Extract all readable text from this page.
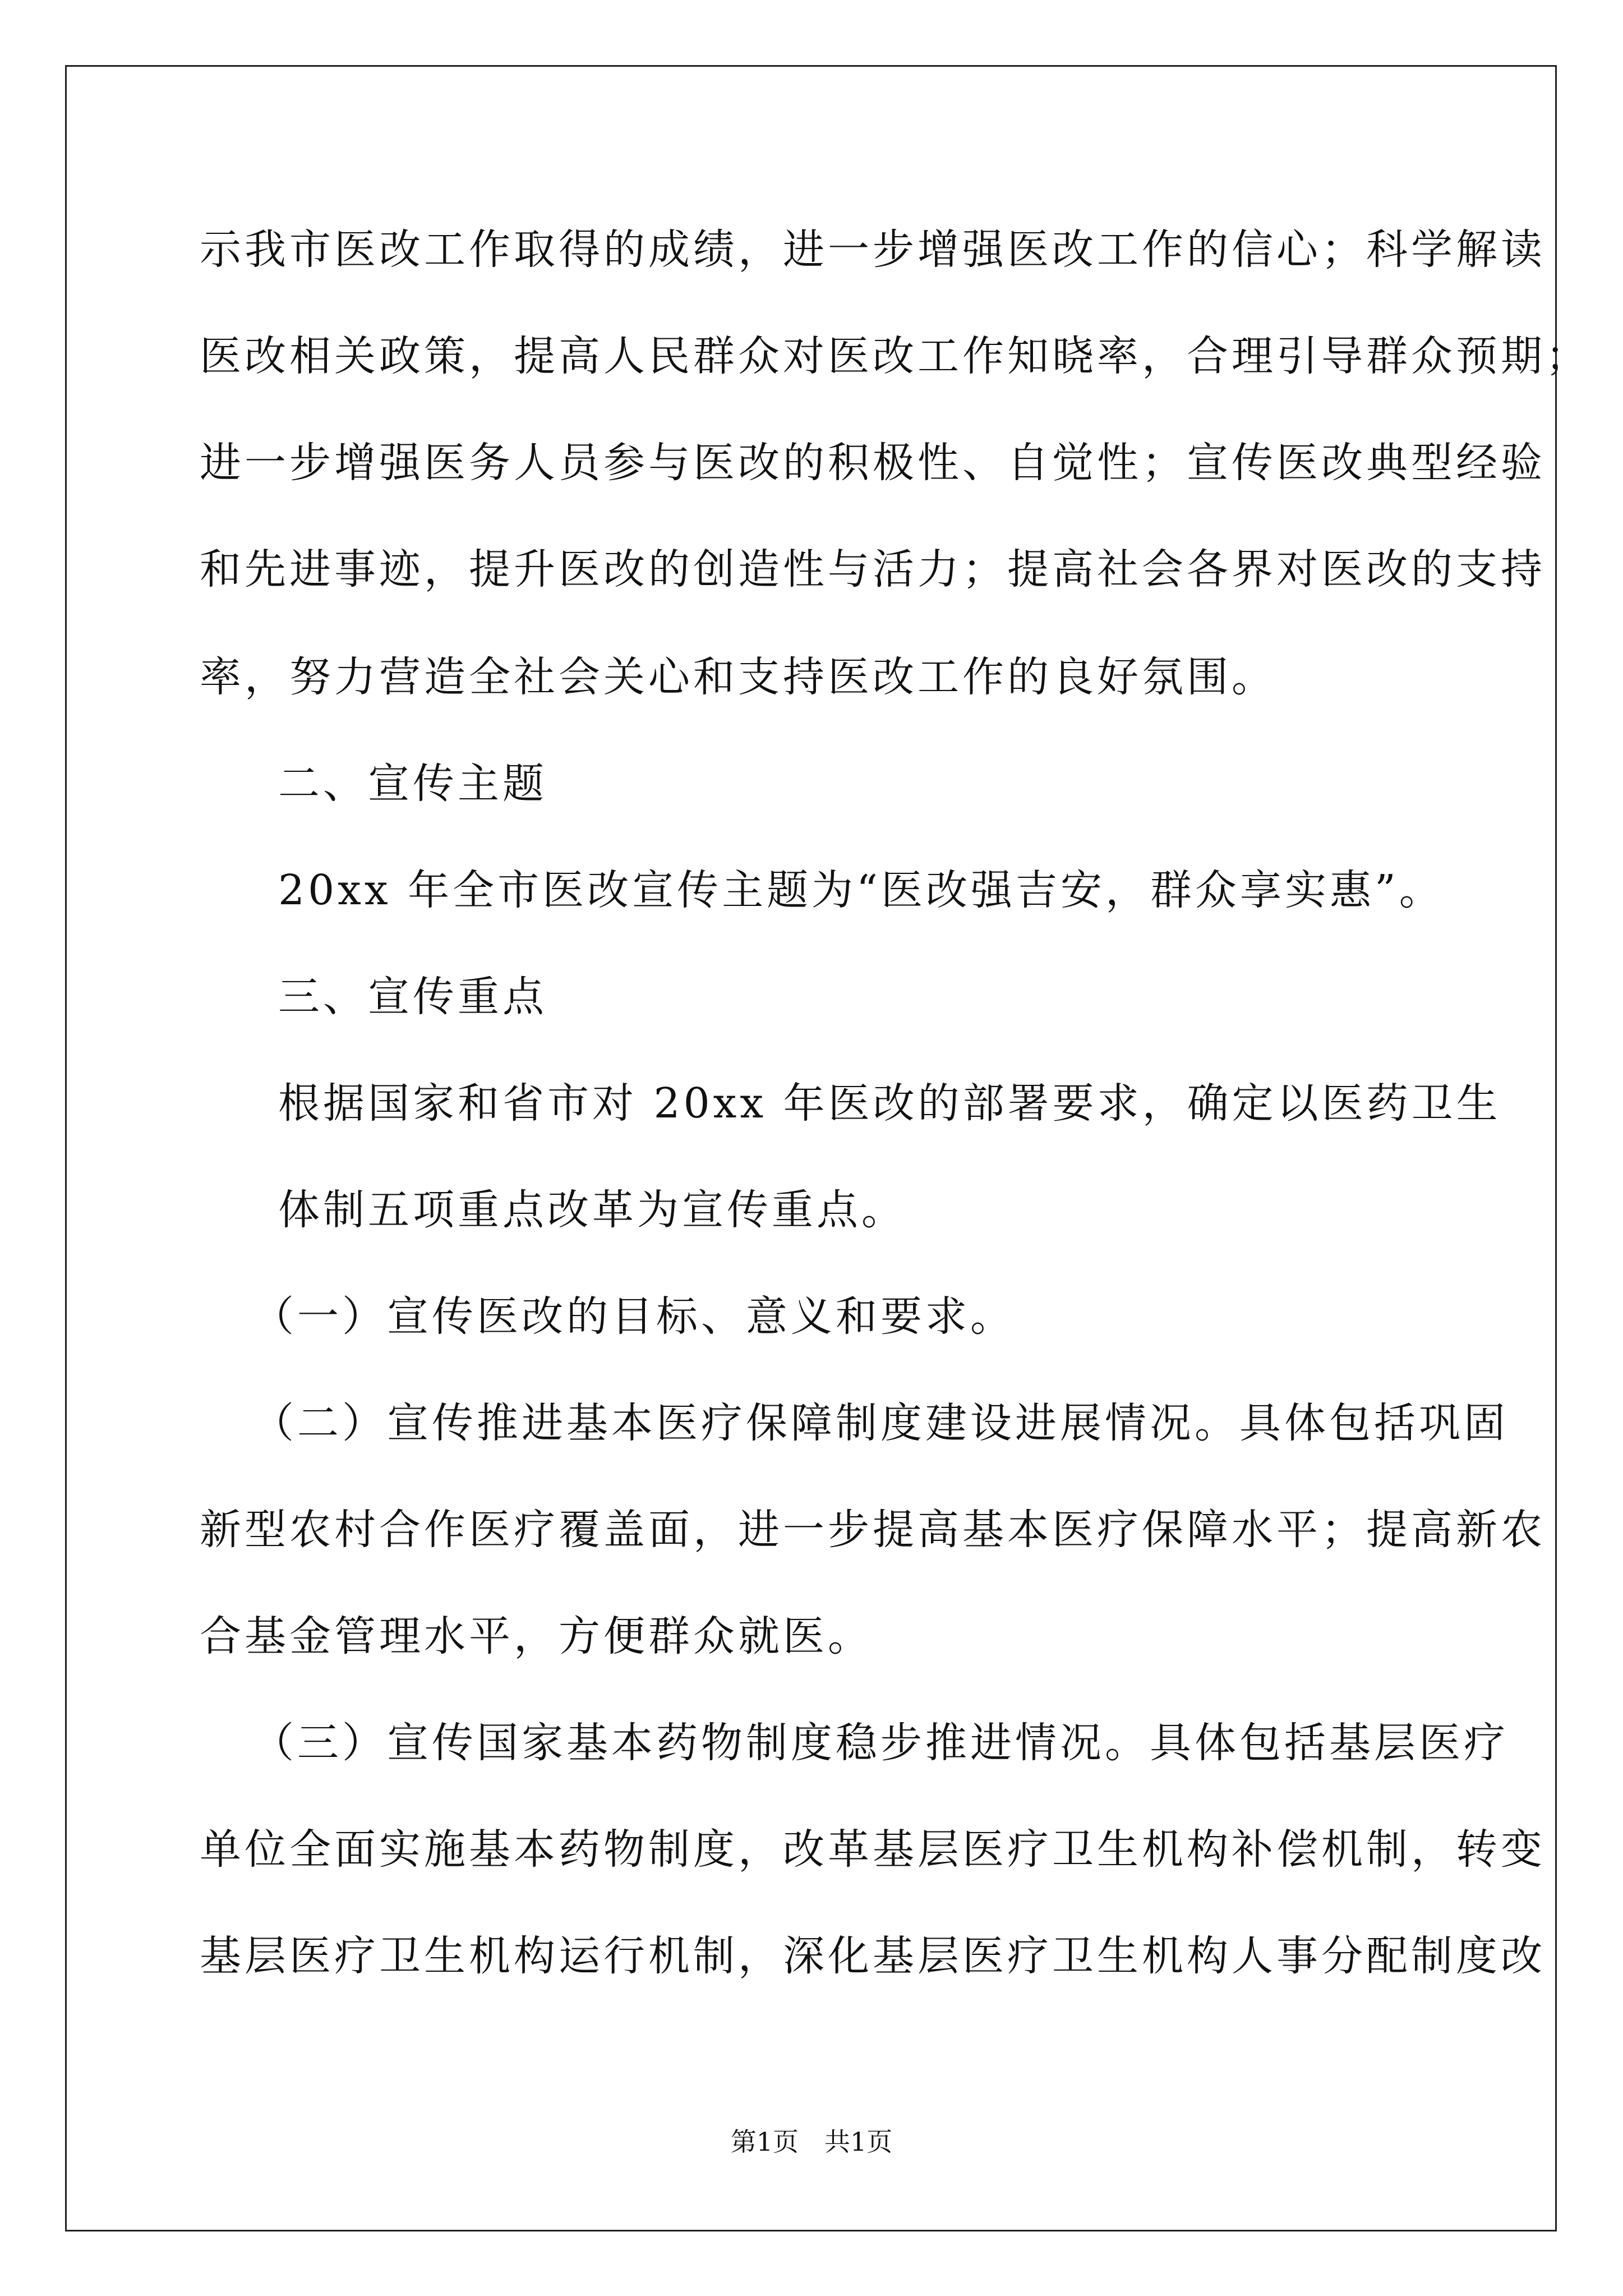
示我市医改工作取得的成绩，进一步增强医改工作的信心；科学解读
医改相关政策，提高人民群众对医改工作知晓率，合理引导群众预期；
进一步增强医务人员参与医改的积极性、自觉性；宣传医改典型经验
和先进事迹，提升医改的创造性与活力；提高社会各界对医改的支持
率，努力营造全社会关心和支持医改工作的良好氛围。
二、宣传主题
20xx 年全市医改宣传主题为“医改强吉安，群众享实惠”。
三、宣传重点
根据国家和省市对 20xx 年医改的部署要求，确定以医药卫生
体制五项重点改革为宣传重点。
（一）宣传医改的目标、意义和要求。
（二）宣传推进基本医疗保障制度建设进展情况。具体包括巩固
新型农村合作医疗覆盖面，进一步提高基本医疗保障水平；提高新农
合基金管理水平，方便群众就医。
（三）宣传国家基本药物制度稳步推进情况。具体包括基层医疗
单位全面实施基本药物制度，改革基层医疗卫生机构补偿机制，转变
基层医疗卫生机构运行机制，深化基层医疗卫生机构人事分配制度改
第1页　共1页
